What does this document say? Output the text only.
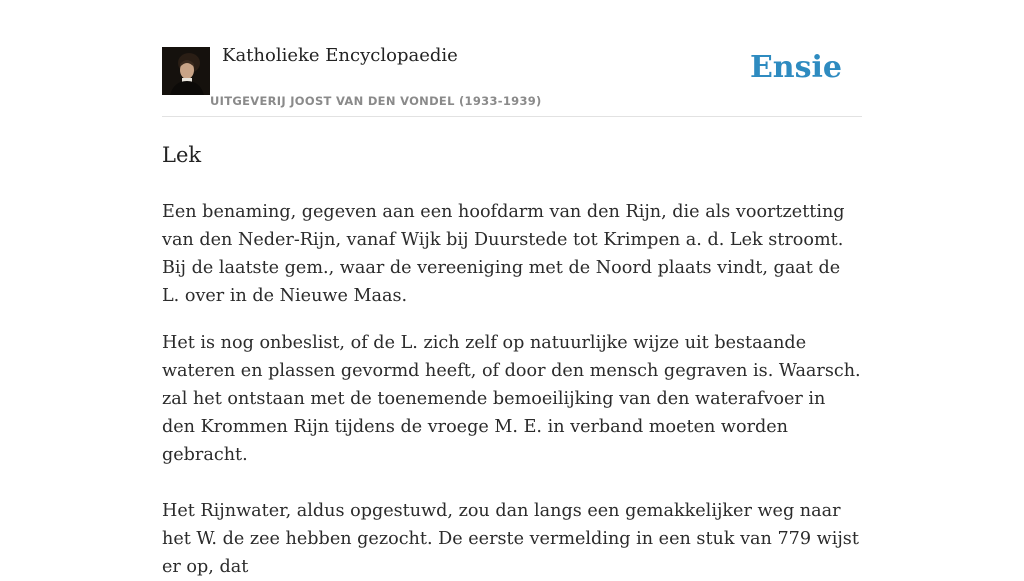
Katholieke Encyclopaedie
UITGEVERIJ JOOST VAN DEN VONDEL (1933-1939)
Ensie
Lek

Een benaming, gegeven aan een hoofdarm van den Rijn, die als voortzetting van den Neder-Rijn, vanaf Wijk bij Duurstede tot Krimpen a. d. Lek stroomt. Bij de laatste gem., waar de vereeniging met de Noord plaats vindt, gaat de L. over in de Nieuwe Maas.

Het is nog onbeslist, of de L. zich zelf op natuurlijke wijze uit bestaande wateren en plassen gevormd heeft, of door den mensch gegraven is. Waarsch. zal het ontstaan met de toenemende bemoeilijking van den waterafvoer in den Krommen Rijn tijdens de vroege M. E. in verband moeten worden gebracht.

Het Rijnwater, aldus opgestuwd, zou dan langs een gemakkelijker weg naar het W. de zee hebben gezocht. De eerste vermelding in een stuk van 779 wijst er op, dat
